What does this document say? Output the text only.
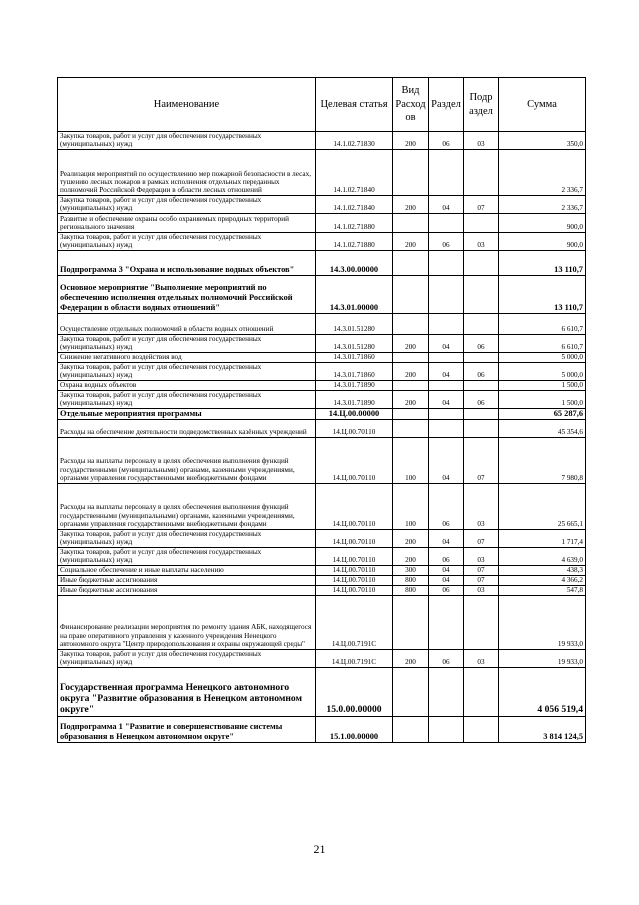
Наименование	Целевая статья	Вид Расход ов	Раздел	Подр аздел	Сумма
Закупка товаров, работ и услуг для обеспечения государственных (муниципальных) нужд	14.1.02.71830	200	06	03	350,0
Реализация мероприятий по осуществлению мер пожарной безопасности в лесах, тушению лесных пожаров в рамках исполнения отдельных переданных полномочий Российской Федерации в области лесных отношений	14.1.02.71840				2 336,7
Закупка товаров, работ и услуг для обеспечения государственных (муниципальных) нужд	14.1.02.71840	200	04	07	2 336,7
Развитие и обеспечение охраны особо охраняемых природных территорий регионального значения	14.1.02.71880				900,0
Закупка товаров, работ и услуг для обеспечения государственных (муниципальных) нужд	14.1.02.71880	200	06	03	900,0
Подпрограмма 3 "Охрана и использование водных объектов"	14.3.00.00000				13 110,7
Основное мероприятие "Выполнение мероприятий по обеспечению исполнения отдельных полномочий Российской Федерации в области водных отношений"	14.3.01.00000				13 110,7
Осуществление отдельных полномочий в области водных отношений	14.3.01.51280				6 610,7
Закупка товаров, работ и услуг для обеспечения государственных (муниципальных) нужд	14.3.01.51280	200	04	06	6 610,7
Снижение негативного воздействия вод	14.3.01.71860				5 000,0
Закупка товаров, работ и услуг для обеспечения государственных (муниципальных) нужд	14.3.01.71860	200	04	06	5 000,0
Охрана водных объектов	14.3.01.71890				1 500,0
Закупка товаров, работ и услуг для обеспечения государственных (муниципальных) нужд	14.3.01.71890	200	04	06	1 500,0
Отдельные мероприятия программы	14.Ц.00.00000				65 287,6
Расходы на обеспечение деятельности подведомственных казённых учреждений	14.Ц.00.70110				45 354,6
Расходы на выплаты персоналу в целях обеспечения выполнения функций государственными (муниципальными) органами, казенными учреждениями, органами управления государственными внебюджетными фондами	14.Ц.00.70110	100	04	07	7 980,8
Расходы на выплаты персоналу в целях обеспечения выполнения функций государственными (муниципальными) органами, казенными учреждениями, органами управления государственными внебюджетными фондами	14.Ц.00.70110	100	06	03	25 665,1
Закупка товаров, работ и услуг для обеспечения государственных (муниципальных) нужд	14.Ц.00.70110	200	04	07	1 717,4
Закупка товаров, работ и услуг для обеспечения государственных (муниципальных) нужд	14.Ц.00.70110	200	06	03	4 639,0
Социальное обеспечение и иные выплаты населению	14.Ц.00.70110	300	04	07	438,3
Иные бюджетные ассигнования	14.Ц.00.70110	800	04	07	4 366,2
Иные бюджетные ассигнования	14.Ц.00.70110	800	06	03	547,8
Финансирование реализации мероприятия по ремонту здания АБК, находящегося на праве оперативного управления у казенного учреждения Ненецкого автономного округа "Центр природопользования и охраны окружающей среды"	14.Ц.00.7191С				19 933,0
Закупка товаров, работ и услуг для обеспечения государственных (муниципальных) нужд	14.Ц.00.7191С	200	06	03	19 933,0
Государственная программа Ненецкого автономного округа "Развитие образования в Ненецком автономном округе"	15.0.00.00000				4 056 519,4
Подпрограмма 1 "Развитие и совершенствование системы образования в Ненецком автономном округе"	15.1.00.00000				3 814 124,5
21
